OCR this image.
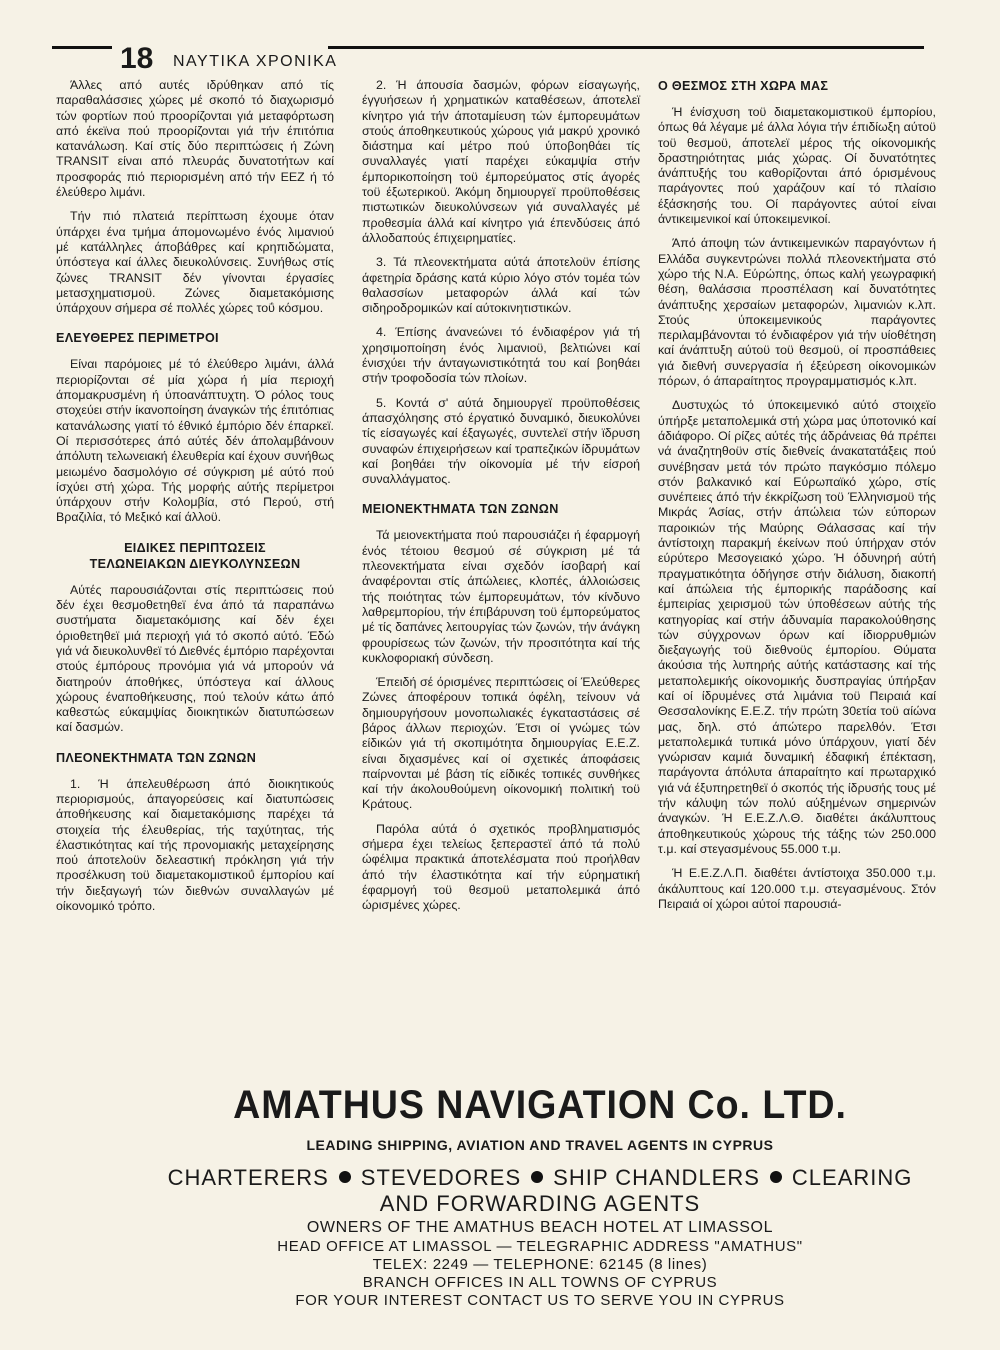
18 ΝΑΥΤΙΚΑ ΧΡΟΝΙΚΑ

Άλλες από αυτές ιδρύθηκαν από τίς παραθαλάσσιες χώρες μέ σκοπό τό διαχωρισμό τών φορτίων πού προορίζονται γιά μεταφόρτωση από έκεϊνα πού προορίζονται γιά τήν έπιτόπια κατανάλωση. Καί στίς δύο περιπτώσεις ή Ζώνη TRANSIT είναι από πλευράς δυνατοτήτων καί προσφοράς πιό περιορισμένη από τήν ΕΕΖ ή τό έλεύθερο λιμάνι.

Τήν πιό πλατειά περίπτωση έχουμε όταν ύπάρχει ένα τμήμα άπομονωμένο ένός λιμανιού μέ κατάλληλες άποβάθρες καί κρηπιδώματα, ύπόστεγα καί άλλες διευκολύνσεις. Συνήθως στίς ζώνες TRANSIT δέν γίνονται έργασίες μετασχηματισμοϋ. Ζώνες διαμετακόμισης ύπάρχουν σήμερα σέ πολλές χώρες τοΰ κόσμου.

ΕΛΕΥΘΕΡΕΣ ΠΕΡΙΜΕΤΡΟΙ

Είναι παρόμοιες μέ τό έλεύθερο λιμάνι, άλλά περιορίζονται σέ μία χώρα ή μία περιοχή άπομακρυσμένη ή ύποανάπτυχτη. Ό ρόλος τους στοχεύει στήν ίκανοποίηση άναγκών τής έπιτόπιας κατανάλωσης γιατί τό έθνικό έμπόριο δέν έπαρκεϊ. Οί περισσότερες άπό αύτές δέν άπολαμβάνουν άπόλυτη τελωνειακή έλευθερία καί έχουν συνήθως μειωμένο δασμολόγιο σέ σύγκριση μέ αύτό πού ίσχύει στή χώρα. Τής μορφής αύτής περίμετροι ύπάρχουν στήν Κολομβία, στό Περού, στή Βραζιλία, τό Μεξικό καί άλλοϋ.

ΕΙΔΙΚΕΣ ΠΕΡΙΠΤΩΣΕΙΣ
ΤΕΛΩΝΕΙΑΚΩΝ ΔΙΕΥΚΟΛΥΝΣΕΩΝ

Αύτές παρουσιάζονται στίς περιπτώσεις πού δέν έχει θεσμοθετηθεϊ ένα άπό τά παραπάνω συστήματα διαμετακόμισης καί δέν έχει όριοθετηθεϊ μιά περιοχή γιά τό σκοπό αύτό. Έδώ γιά νά διευκολυνθεϊ τό Διεθνές έμπόριο παρέχονται στούς έμπόρους προνόμια γιά νά μπορούν νά διατηρούν άποθήκες, ύπόστεγα καί άλλους χώρους έναποθήκευσης, πού τελούν κάτω άπό καθεστώς εύκαμψίας διοικητικών διατυπώσεων καί δασμών.

ΠΛΕΟΝΕΚΤΗΜΑΤΑ ΤΩΝ ΖΩΝΩΝ

1. Ή άπελευθέρωση άπό διοικητικούς περιορισμούς, άπαγορεύσεις καί διατυπώσεις άποθήκευσης καί διαμετακόμισης παρέχει τά στοιχεία τής έλευθερίας, τής ταχύτητας, τής έλαστικότητας καί τής προνομιακής μεταχείρησης πού άποτελοϋν δελεαστική πρόκληση γιά τήν προσέλκυση τοϋ διαμετακομιστικοΰ έμπορίου καί τήν διεξαγωγή τών διεθνών συναλλαγών μέ οίκονομικό τρόπο.

2. Ή άπουσία δασμών, φόρων είσαγωγής, έγγυήσεων ή χρηματικών καταθέσεων, άποτελεϊ κίνητρο γιά τήν άποταμίευση τών έμπορευμάτων στούς άποθηκευτικούς χώρους γιά μακρύ χρονικό διάστημα καί μέτρο πού ύποβοηθάει τίς συναλλαγές γιατί παρέχει εύκαμψία στήν έμπορικοποίηση τοϋ έμπορεύματος στίς άγορές τοϋ έξωτερικοϋ. Άκόμη δημιουργεϊ προϋποθέσεις πιστωτικών διευκολύνσεων γιά συναλλαγές μέ προθεσμία άλλά καί κίνητρο γιά έπενδύσεις άπό άλλοδαπούς έπιχειρηματίες.

3. Τά πλεονεκτήματα αύτά άποτελοϋν έπίσης άφετηρία δράσης κατά κύριο λόγο στόν τομέα τών θαλασσίων μεταφορών άλλά καί τών σιδηροδρομικών καί αύτοκινητιστικών.

4. Έπίσης άνανεώνει τό ένδιαφέρον γιά τή χρησιμοποίηση ένός λιμανιοϋ, βελτιώνει καί ένισχύει τήν άνταγωνιστικότητά του καί βοηθάει στήν τροφοδοσία τών πλοίων.

5. Κοντά σ' αύτά δημιουργεϊ προϋποθέσεις άπασχόλησης στό έργατικό δυναμικό, διευκολύνει τίς είσαγωγές καί έξαγωγές, συντελεϊ στήν ϊδρυση συναφών έπιχειρήσεων καί τραπεζικών ίδρυμάτων καί βοηθάει τήν οίκονομία μέ τήν είσροή συναλλάγματος.

ΜΕΙΟΝΕΚΤΗΜΑΤΑ ΤΩΝ ΖΩΝΩΝ

Τά μειονεκτήματα πού παρουσιάζει ή έφαρμογή ένός τέτοιου θεσμού σέ σύγκριση μέ τά πλεονεκτήματα είναι σχεδόν ίσοβαρή καί άναφέρονται στίς άπώλειες, κλοπές, άλλοιώσεις τής ποιότητας τών έμπορευμάτων, τόν κίνδυνο λαθρεμπορίου, τήν έπιβάρυνση τοϋ έμπορεύματος μέ τίς δαπάνες λειτουργίας τών ζωνών, τήν άνάγκη φρουρίσεως τών ζωνών, τήν προσιτότητα καί τής κυκλοφοριακή σύνδεση.

Έπειδή σέ όρισμένες περιπτώσεις οί Έλεύθερες Ζώνες άποφέρουν τοπικά όφέλη, τείνουν νά δημιουργήσουν μονοπωλιακές έγκαταστάσεις σέ βάρος άλλων περιοχών. Έτσι οί γνώμες τών είδικών γιά τή σκοπιμότητα δημιουργίας Ε.Ε.Ζ. είναι διχασμένες καί οί σχετικές άποφάσεις παίρνονται μέ βάση τίς είδικές τοπικές συνθήκες καί τήν άκολουθούμενη οίκονομική πολιτική τοϋ Κράτους.

Παρόλα αύτά ό σχετικός προβληματισμός σήμερα έχει τελείως ξεπεραστεϊ άπό τά πολύ ώφέλιμα πρακτικά άποτελέσματα πού προήλθαν άπό τήν έλαστικότητα καί τήν εύρηματική έφαρμογή τοϋ θεσμοϋ μεταπολεμικά άπό ώρισμένες χώρες.

Ο ΘΕΣΜΟΣ ΣΤΗ ΧΩΡΑ ΜΑΣ

Ή ένίσχυση τοϋ διαμετακομιστικοϋ έμπορίου, όπως θά λέγαμε μέ άλλα λόγια τήν έπιδίωξη αύτοϋ τοϋ θεσμοϋ, άποτελεϊ μέρος τής οίκονομικής δραστηριότητας μιάς χώρας. Οί δυνατότητες άνάπτυξής του καθορίζονται άπό όρισμένους παράγοντες πού χαράζουν καί τό πλαίσιο έξάσκησής του. Οί παράγοντες αύτοί είναι άντικειμενικοί καί ύποκειμενικοί.

Άπό άποψη τών άντικειμενικών παραγόντων ή Ελλάδα συγκεντρώνει πολλά πλεονεκτήματα στό χώρο τής Ν.Α. Εύρώπης, όπως καλή γεωγραφική θέση, θαλάσσια προσπέλαση καί δυνατότητες άνάπτυξης χερσαίων μεταφορών, λιμανιών κ.λπ. Στούς ύποκειμενικούς παράγοντες περιλαμβάνονται τό ένδιαφέρον γιά τήν υίοθέτηση καί άνάπτυξη αύτοϋ τοϋ θεσμοϋ, οί προσπάθειες γιά διεθνή συνεργασία ή έξεύρεση οίκονομικών πόρων, ό άπαραίτητος προγραμματισμός κ.λπ.

Δυστυχώς τό ύποκειμενικό αύτό στοιχεϊο ύπήρξε μεταπολεμικά στή χώρα μας ύποτονικό καί άδιάφορο. Οί ρίζες αύτές τής άδράνειας θά πρέπει νά άναζητηθοϋν στίς διεθνείς άνακατατάξεις πού συνέβησαν μετά τόν πρώτο παγκόσμιο πόλεμο στόν βαλκανικό καί Εύρωπαϊκό χώρο, στίς συνέπειες άπό τήν έκκρίζωση τοϋ Έλληνισμοϋ τής Μικράς Άσίας, στήν άπώλεια τών εύπορων παροικιών τής Μαύρης Θάλασσας καί τήν άντίστοιχη παρακμή έκείνων πού ύπήρχαν στόν εύρύτερο Μεσογειακό χώρο. Ή όδυνηρή αύτή πραγματικότητα όδήγησε στήν διάλυση, διακοπή καί άπώλεια τής έμπορικής παράδοσης καί έμπειρίας χειρισμοϋ τών ύποθέσεων αύτής τής κατηγορίας καί στήν άδυναμία παρακολούθησης τών σύγχρονων όρων καί ίδιορρυθμιών διεξαγωγής τοϋ διεθνοϋς έμπορίου. Θύματα άκούσια τής λυπηρής αύτής κατάστασης καί τής μεταπολεμικής οίκονομικής δυσπραγίας ύπήρξαν καί οί ίδρυμένες στά λιμάνια τοϋ Πειραιά καί Θεσσαλονίκης Ε.Ε.Ζ. τήν πρώτη 30ετία τοϋ αίώνα μας, δηλ. στό άπώτερο παρελθόν. Έτσι μεταπολεμικά τυπικά μόνο ύπάρχουν, γιατί δέν γνώρισαν καμιά δυναμική έδαφική έπέκταση, παράγοντα άπόλυτα άπαραίτητο καί πρωταρχικό γιά νά έξυπηρετηθεϊ ό σκοπός τής ίδρυσής τους μέ τήν κάλυψη τών πολύ αύξημένων σημερινών άναγκών. Ή Ε.Ε.Ζ.Λ.Θ. διαθέτει άκάλυπτους άποθηκευτικούς χώρους τής τάξης τών 250.000 τ.μ. καί στεγασμένους 55.000 τ.μ.

Ή Ε.Ε.Ζ.Λ.Π. διαθέτει άντίστοιχα 350.000 τ.μ. άκάλυπτους καί 120.000 τ.μ. στεγασμένους. Στόν Πειραιά οί χώροι αύτοί παρουσιά-

AMATHUS NAVIGATION Co. LTD.
LEADING SHIPPING, AVIATION AND TRAVEL AGENTS IN CYPRUS
CHARTERERS STEVEDORES SHIP CHANDLERS CLEARING
AND FORWARDING AGENTS
OWNERS OF THE AMATHUS BEACH HOTEL AT LIMASSOL
HEAD OFFICE AT LIMASSOL — TELEGRAPHIC ADDRESS "AMATHUS"
TELEX: 2249 — TELEPHONE: 62145 (8 lines)
BRANCH OFFICES IN ALL TOWNS OF CYPRUS
FOR YOUR INTEREST CONTACT US TO SERVE YOU IN CYPRUS
